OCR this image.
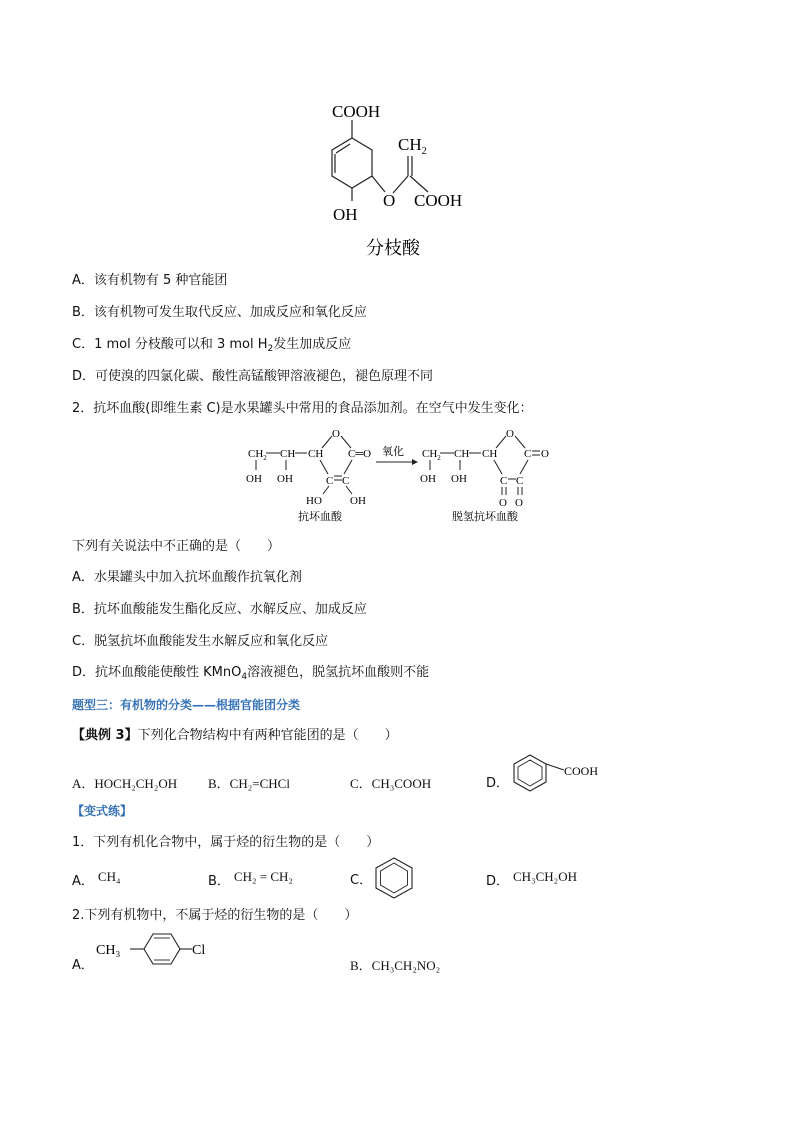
COOH
$CH_2$
O COOH
OH
分枝酸
A．该有机物有 5 种官能团
B．该有机物可发生取代反应、加成反应和氧化反应
C．1 mol 分枝酸可以和 3 mol $H_2$发生加成反应
D．可使溴的四氯化碳、酸性高锰酸钾溶液褪色，褪色原理不同
2．抗坏血酸(即维生素 C)是水果罐头中常用的食品添加剂。在空气中发生变化：
$CH_2$ CH CH
OH OH
O
C═O
C C
HO	OH
抗坏血酸
氧化 $CH_2$ CH CH
OH OH
O
C O
C C
O O
脱氢抗坏血酸
下列有关说法中不正确的是（　　）
A．水果罐头中加入抗坏血酸作抗氧化剂
B．抗坏血酸能发生酯化反应、水解反应、加成反应
C．脱氢抗坏血酸能发生水解反应和氧化反应
D．抗坏血酸能使酸性 KMnO$_4$溶液褪色，脱氢抗坏血酸则不能
题型三：有机物的分类——根据官能团分类
【典例 3】下列化合物结构中有两种官能团的是（　　）
A．HOCH₂CH₂OH B．CH₂=CHCl	C．CH₃COOH	D．
COOH
【变式练】
1．下列有机化合物中，属于烃的衍生物的是（　　）
A． CH₄	B． CH₂ = CH₂	C．	D． CH₃CH₂OH
2.下列有机物中，不属于烃的衍生物的是（　　）
A．
CH₃	Cl
B．CH₃CH₂NO₂
